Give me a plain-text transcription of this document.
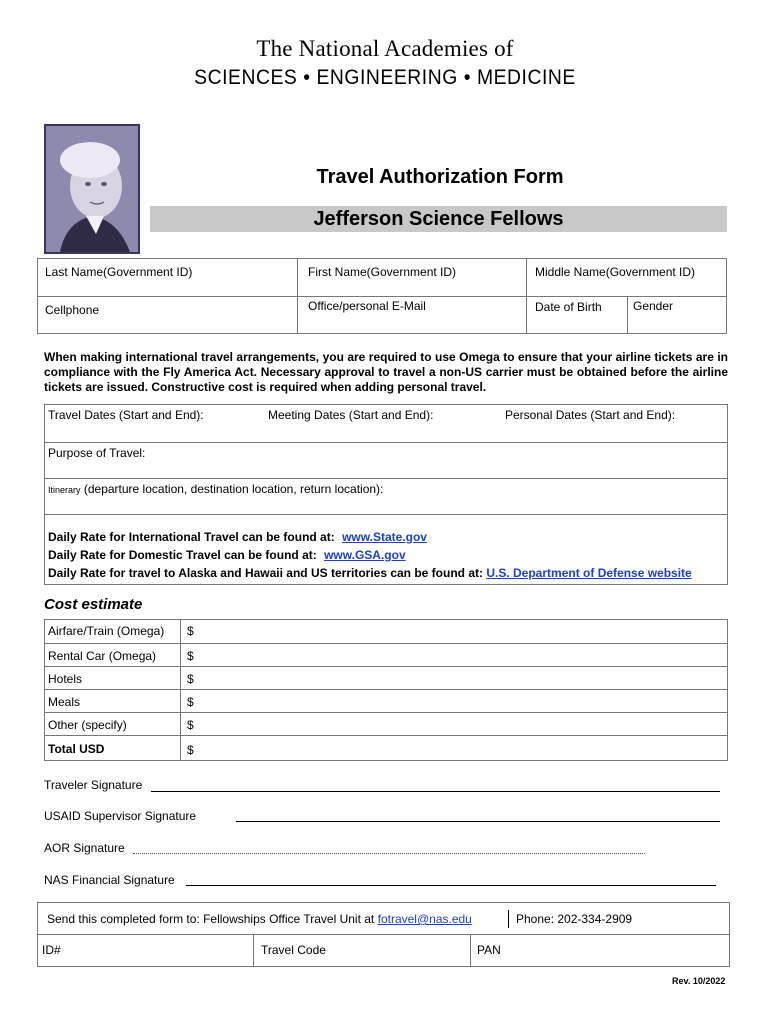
The National Academies of
SCIENCES • ENGINEERING • MEDICINE
Travel Authorization Form
Jefferson Science Fellows
Last Name(Government ID)	First Name(Government ID)	Middle Name(Government ID)
Cellphone	Office/personal E-Mail	Date of Birth	Gender
When making international travel arrangements, you are required to use Omega to ensure that your airline tickets are in compliance with the Fly America Act. Necessary approval to travel a non-US carrier must be obtained before the airline tickets are issued. Constructive cost is required when adding personal travel.
Travel Dates (Start and End):	Meeting Dates (Start and End):	Personal Dates (Start and End):
Purpose of Travel:
Itinerary (departure location, destination location, return location):
Daily Rate for International Travel can be found at: www.State.gov
Daily Rate for Domestic Travel can be found at: www.GSA.gov
Daily Rate for travel to Alaska and Hawaii and US territories can be found at: U.S. Department of Defense website
Cost estimate
Airfare/Train (Omega) $
Rental Car (Omega)	$
Hotels	$
Meals	$
Other (specify)	$
Total USD	$
Traveler Signature
USAID Supervisor Signature
AOR Signature
NAS Financial Signature
Send this completed form to: Fellowships Office Travel Unit at fotravel@nas.edu	Phone: 202-334-2909
ID#	Travel Code	PAN
Rev. 10/2022
